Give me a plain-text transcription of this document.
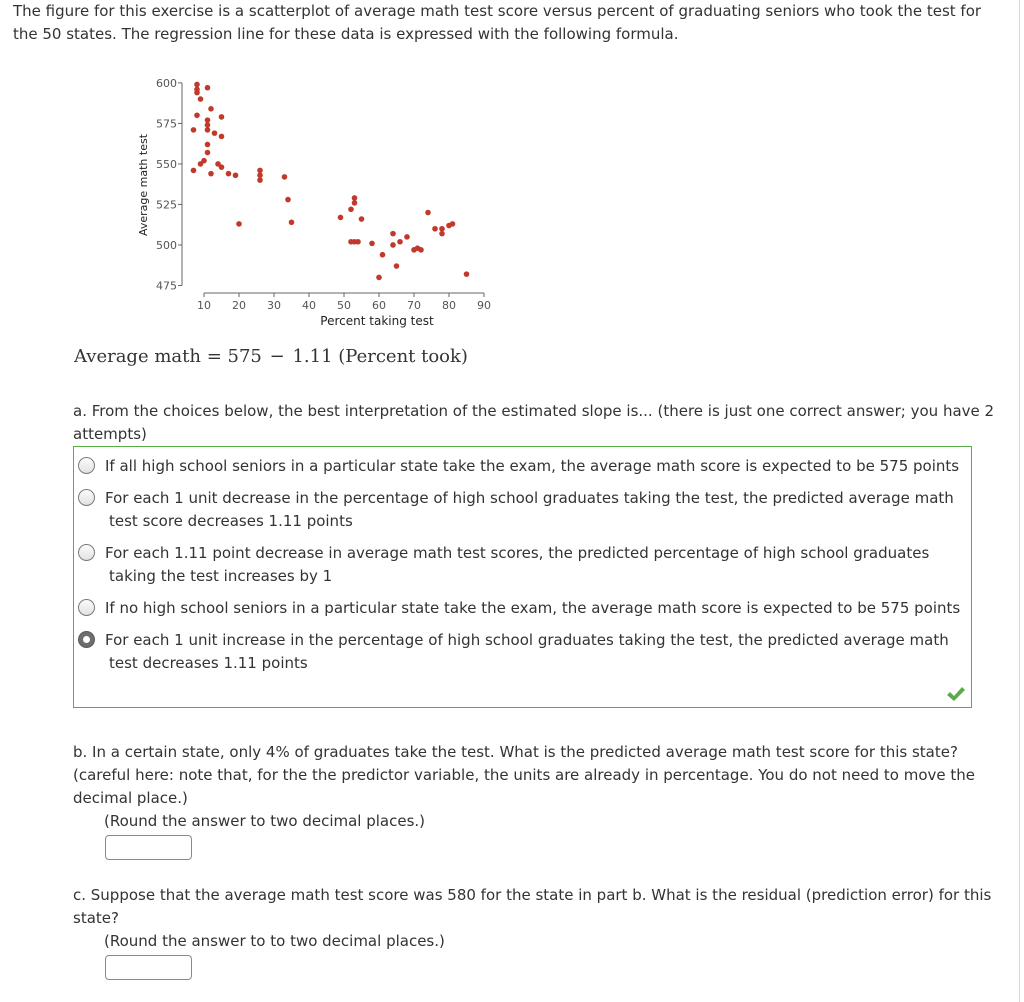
The figure for this exercise is a scatterplot of average math test score versus percent of graduating seniors who took the test for the 50 states. The regression line for these data is expressed with the following formula.

600
575
550
525
500
475
10 20 30 40 50 60 70 80 90
Average math test
Percent taking test
Average math = 575 − 1.11 (Percent took)

a. From the choices below, the best interpretation of the estimated slope is... (there is just one correct answer; you have 2 attempts)

If all high school seniors in a particular state take the exam, the average math score is expected to be 575 points
For each 1 unit decrease in the percentage of high school graduates taking the test, the predicted average math test score decreases 1.11 points
For each 1.11 point decrease in average math test scores, the predicted percentage of high school graduates taking the test increases by 1
If no high school seniors in a particular state take the exam, the average math score is expected to be 575 points
For each 1 unit increase in the percentage of high school graduates taking the test, the predicted average math test decreases 1.11 points

b. In a certain state, only 4% of graduates take the test. What is the predicted average math test score for this state? (careful here: note that, for the the predictor variable, the units are already in percentage. You do not need to move the decimal place.)

(Round the answer to two decimal places.)

c. Suppose that the average math test score was 580 for the state in part b. What is the residual (prediction error) for this state?

(Round the answer to to two decimal places.)
